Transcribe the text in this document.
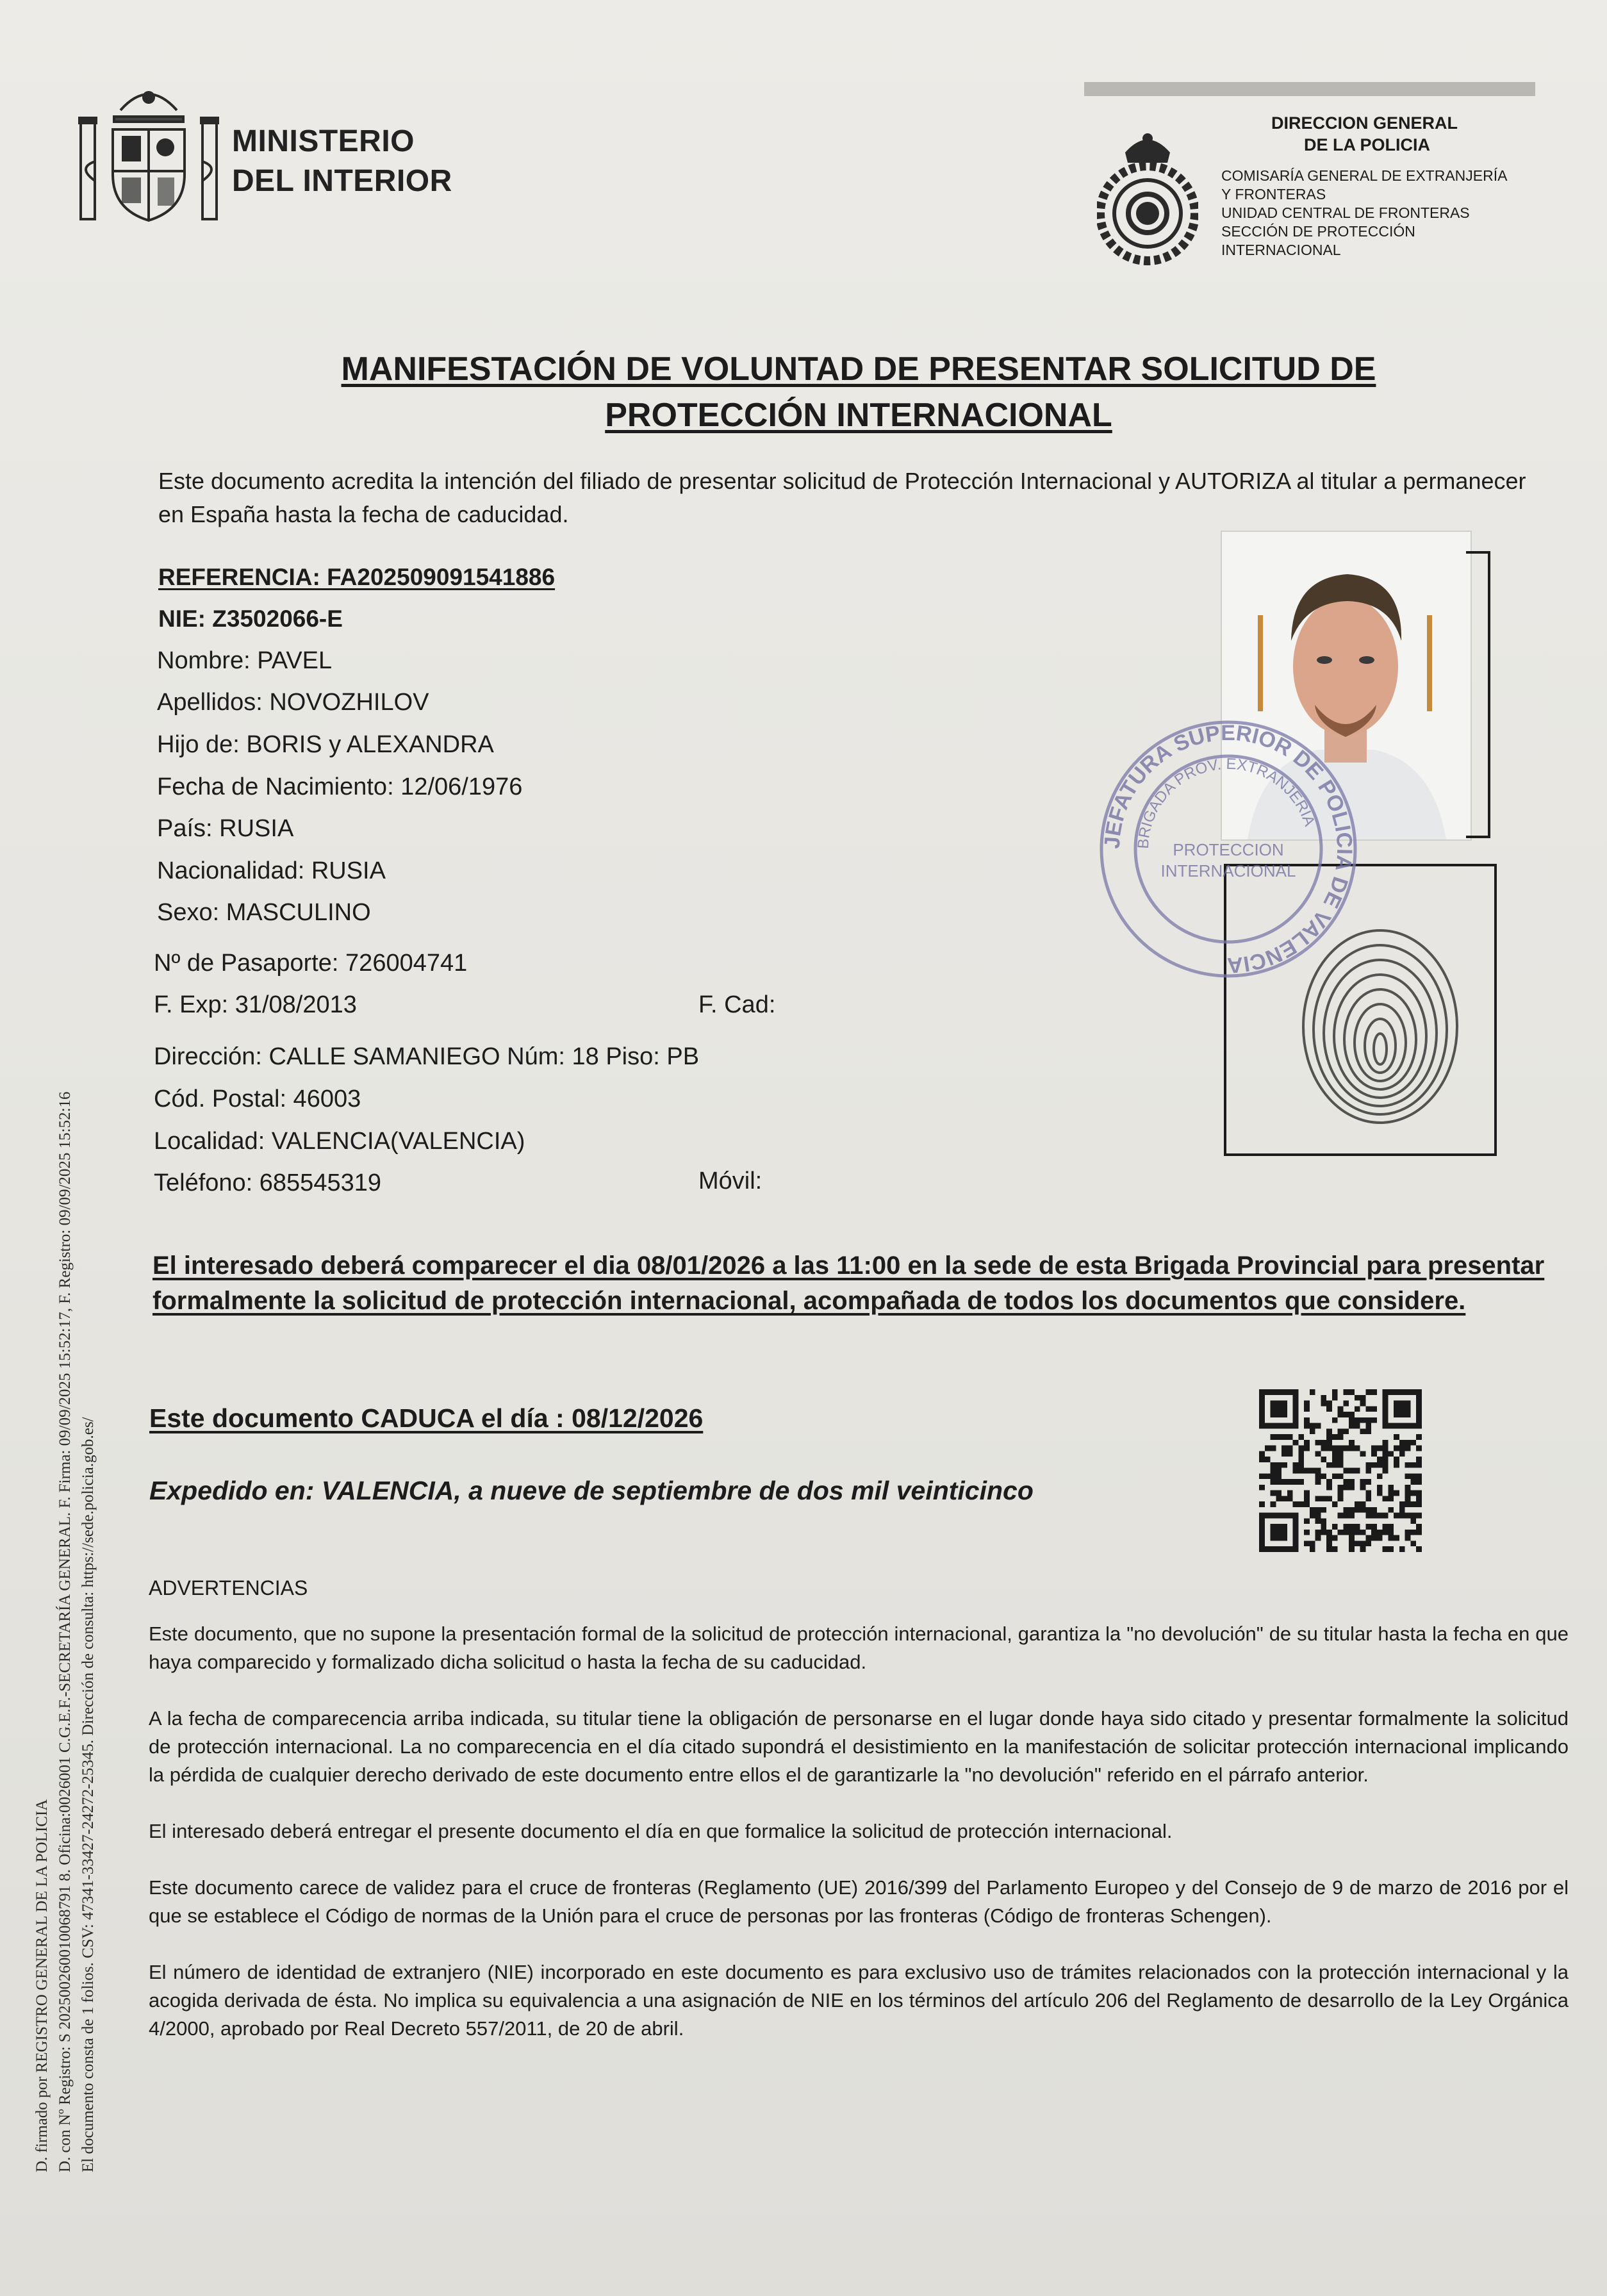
MINISTERIO
DEL INTERIOR
DIRECCION GENERAL
DE LA POLICIA
COMISARÍA GENERAL DE EXTRANJERÍA
Y FRONTERAS
UNIDAD CENTRAL DE FRONTERAS
SECCIÓN DE PROTECCIÓN
INTERNACIONAL
MANIFESTACIÓN DE VOLUNTAD DE PRESENTAR SOLICITUD DE
PROTECCIÓN INTERNACIONAL
Este documento acredita la intención del filiado de presentar solicitud de Protección Internacional y AUTORIZA al titular a permanecer en España hasta la fecha de caducidad.
REFERENCIA: FA202509091541886
NIE: Z3502066-E
Nombre: PAVEL
Apellidos: NOVOZHILOV
Hijo de: BORIS y ALEXANDRA
Fecha de Nacimiento: 12/06/1976
País: RUSIA
Nacionalidad: RUSIA
Sexo: MASCULINO
Nº de Pasaporte: 726004741
F. Exp: 31/08/2013	F. Cad:
Dirección: CALLE SAMANIEGO Núm: 18 Piso: PB
Cód. Postal: 46003
Localidad: VALENCIA(VALENCIA)
Teléfono: 685545319	Móvil:
JEFATURA SUPERIOR DE POLICIA DE VALENCIA
BRIGADA PROV. EXTRANJERIA
PROTECCION
INTERNACIONAL
El interesado deberá comparecer el dia 08/01/2026 a las 11:00 en la sede de esta Brigada Provincial para presentar formalmente la solicitud de protección internacional, acompañada de todos los documentos que considere.
Este documento CADUCA el día : 08/12/2026
Expedido en: VALENCIA, a nueve de septiembre de dos mil veinticinco
ADVERTENCIAS

Este documento, que no supone la presentación formal de la solicitud de protección internacional, garantiza la "no devolución" de su titular hasta la fecha en que haya comparecido y formalizado dicha solicitud o hasta la fecha de su caducidad.

A la fecha de comparecencia arriba indicada, su titular tiene la obligación de personarse en el lugar donde haya sido citado y presentar formalmente la solicitud de protección internacional. La no comparecencia en el día citado supondrá el desistimiento en la manifestación de solicitar protección internacional implicando la pérdida de cualquier derecho derivado de este documento entre ellos el de garantizarle la "no devolución" referido en el párrafo anterior.

El interesado deberá entregar el presente documento el día en que formalice la solicitud de protección internacional.

Este documento carece de validez para el cruce de fronteras (Reglamento (UE) 2016/399 del Parlamento Europeo y del Consejo de 9 de marzo de 2016 por el que se establece el Código de normas de la Unión para el cruce de personas por las fronteras (Código de fronteras Schengen).

El número de identidad de extranjero (NIE) incorporado en este documento es para exclusivo uso de trámites relacionados con la protección internacional y la acogida derivada de ésta. No implica su equivalencia a una asignación de NIE en los términos del artículo 206 del Reglamento de desarrollo de la Ley Orgánica 4/2000, aprobado por Real Decreto 557/2011, de 20 de abril.

D. firmado por REGISTRO GENERAL DE LA POLICIA D. con Nº Registro: S 202500260010068791 8. Oficina:0026001 C.G.E.F.-SECRETARÍA GENERAL. F. Firma: 09/09/2025 15:52:17, F. Registro: 09/09/2025 15:52:16 El documento consta de 1 folios. CSV: 47341-33427-24272-25345. Dirección de consulta: https://sede.policia.gob.es/
